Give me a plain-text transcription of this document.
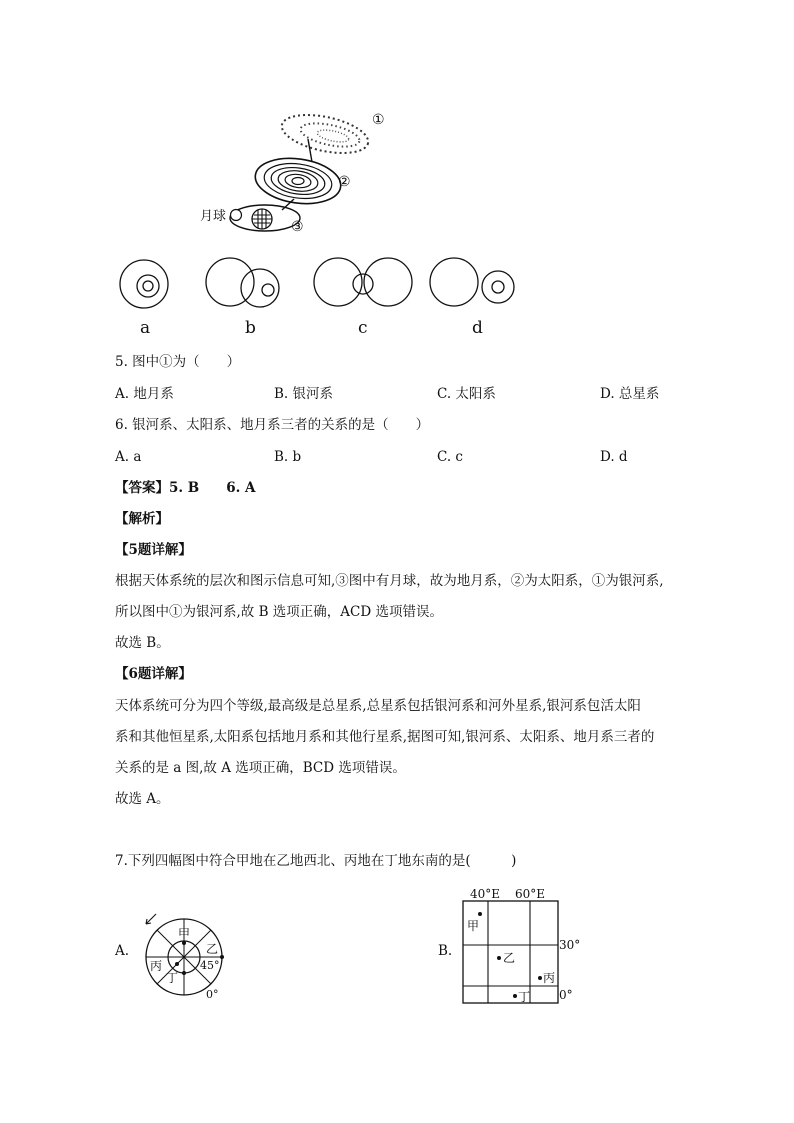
①
②
③
月球
a	b	c	d
5. 图中①为（　　）
A. 地月系	B. 银河系	C. 太阳系	D. 总星系
6. 银河系、太阳系、地月系三者的关系的是（　　）
A. a	B. b	C. c	D. d
【答案】5. B　　6. A
【解析】
【5题详解】
根据天体系统的层次和图示信息可知,③图中有月球，故为地月系，②为太阳系，①为银河系,
所以图中①为银河系,故 B 选项正确，ACD 选项错误。
故选 B。
【6题详解】
天体系统可分为四个等级,最高级是总星系,总星系包括银河系和河外星系,银河系包活太阳
系和其他恒星系,太阳系包括地月系和其他行星系,据图可知,银河系、太阳系、地月系三者的
关系的是 a 图,故 A 选项正确，BCD 选项错误。
故选 A。
7.下列四幅图中符合甲地在乙地西北、丙地在丁地东南的是(　　　)
A.	B.
甲
乙
丙
丁
45°
0°
40°E 60°E
30°
0°
甲
乙
丙
丁
